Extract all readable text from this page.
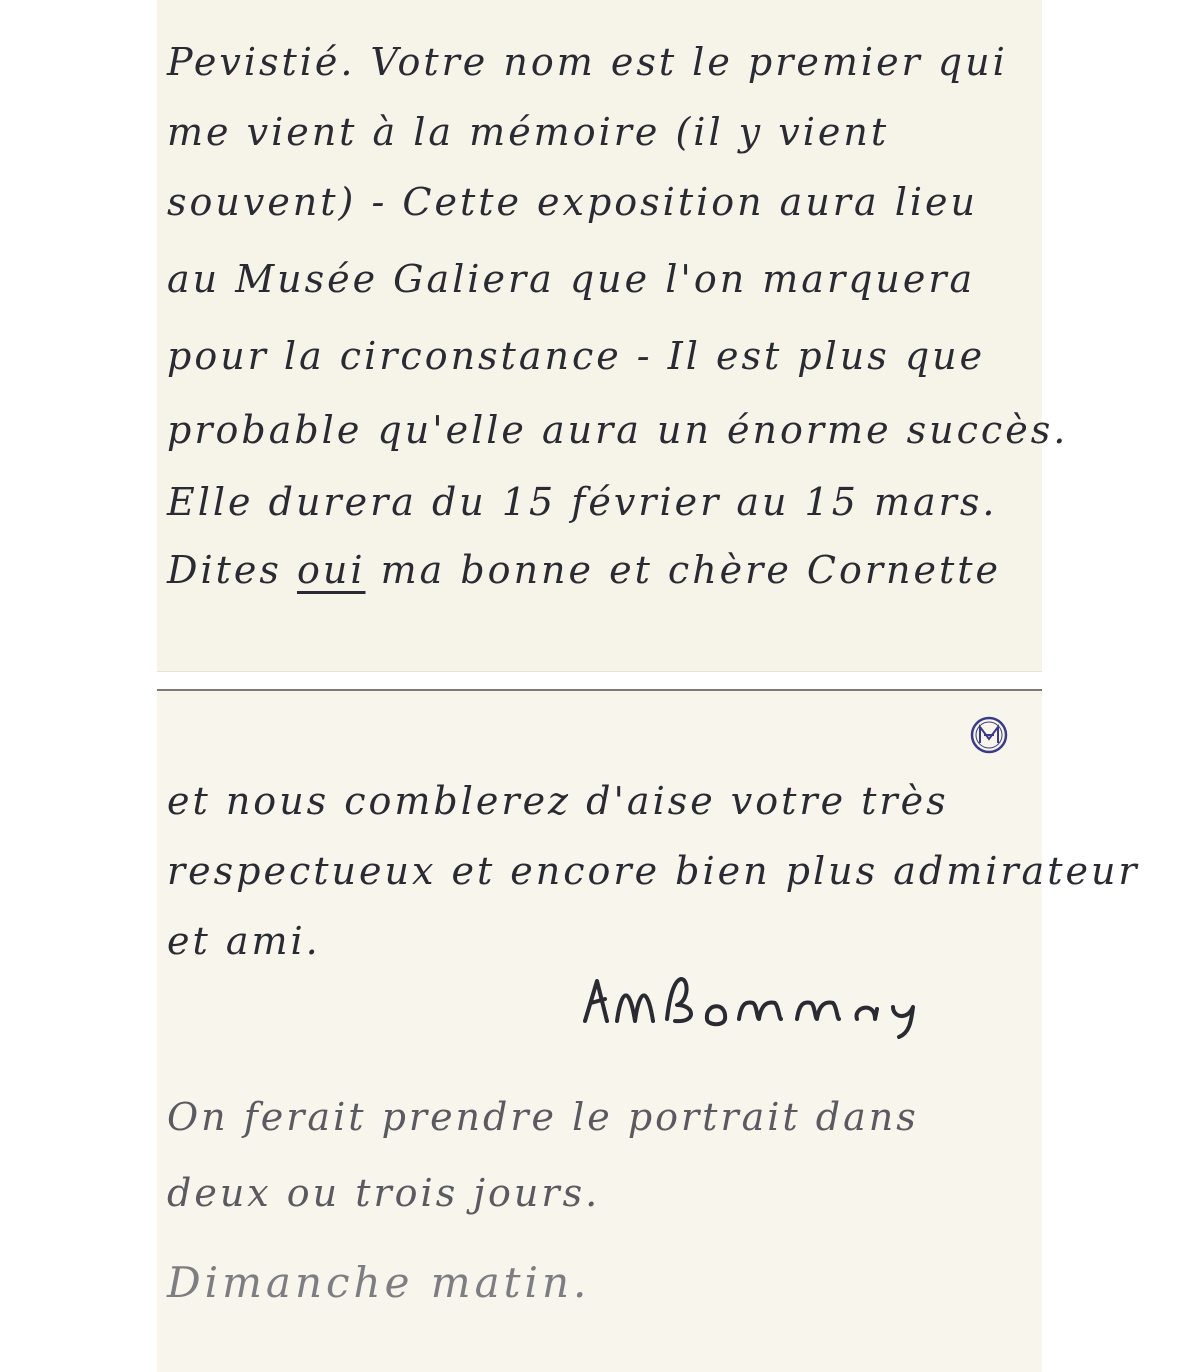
Pevistié. Votre nom est le premier qui
me vient à la mémoire (il y vient
souvent) - Cette exposition aura lieu
au Musée Galiera que l'on marquera
pour la circonstance - Il est plus que
probable qu'elle aura un énorme succès.
Elle durera du 15 février au 15 mars.
Dites oui ma bonne et chère Cornette
et nous comblerez d'aise votre très
respectueux et encore bien plus admirateur
et ami.
On ferait prendre le portrait dans
deux ou trois jours.
Dimanche matin.
